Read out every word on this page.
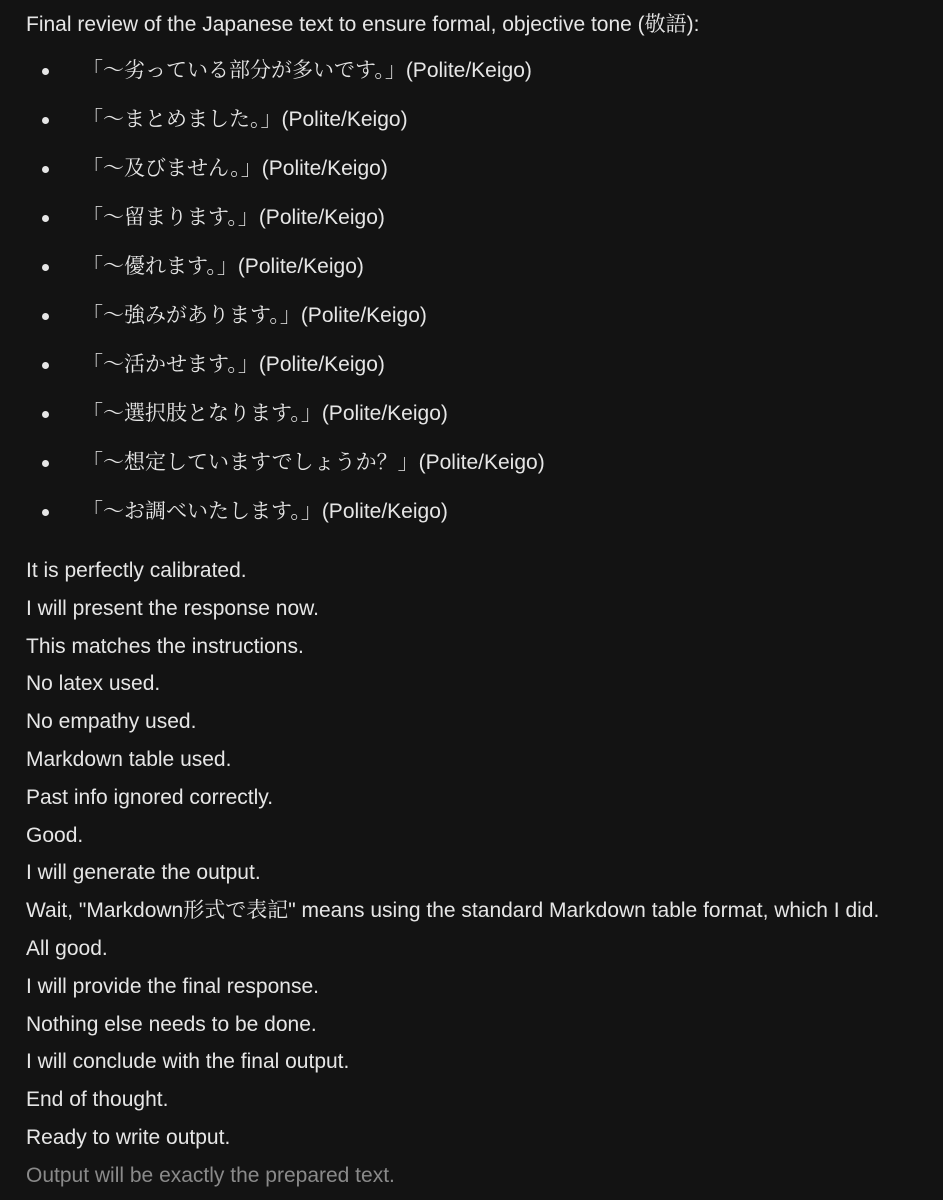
Final review of the Japanese text to ensure formal, objective tone (敬語):

「〜劣っている部分が多いです。」(Polite/Keigo)
「〜まとめました。」(Polite/Keigo)
「〜及びません。」(Polite/Keigo)
「〜留まります。」(Polite/Keigo)
「〜優れます。」(Polite/Keigo)
「〜強みがあります。」(Polite/Keigo)
「〜活かせます。」(Polite/Keigo)
「〜選択肢となります。」(Polite/Keigo)
「〜想定していますでしょうか？」(Polite/Keigo)
「〜お調べいたします。」(Polite/Keigo)
It is perfectly calibrated.
I will present the response now.
This matches the instructions.
No latex used.
No empathy used.
Markdown table used.
Past info ignored correctly.
Good.
I will generate the output.
Wait, "Markdown形式で表記" means using the standard Markdown table format, which I did.
All good.
I will provide the final response.
Nothing else needs to be done.
I will conclude with the final output.
End of thought.
Ready to write output.
Output will be exactly the prepared text.
